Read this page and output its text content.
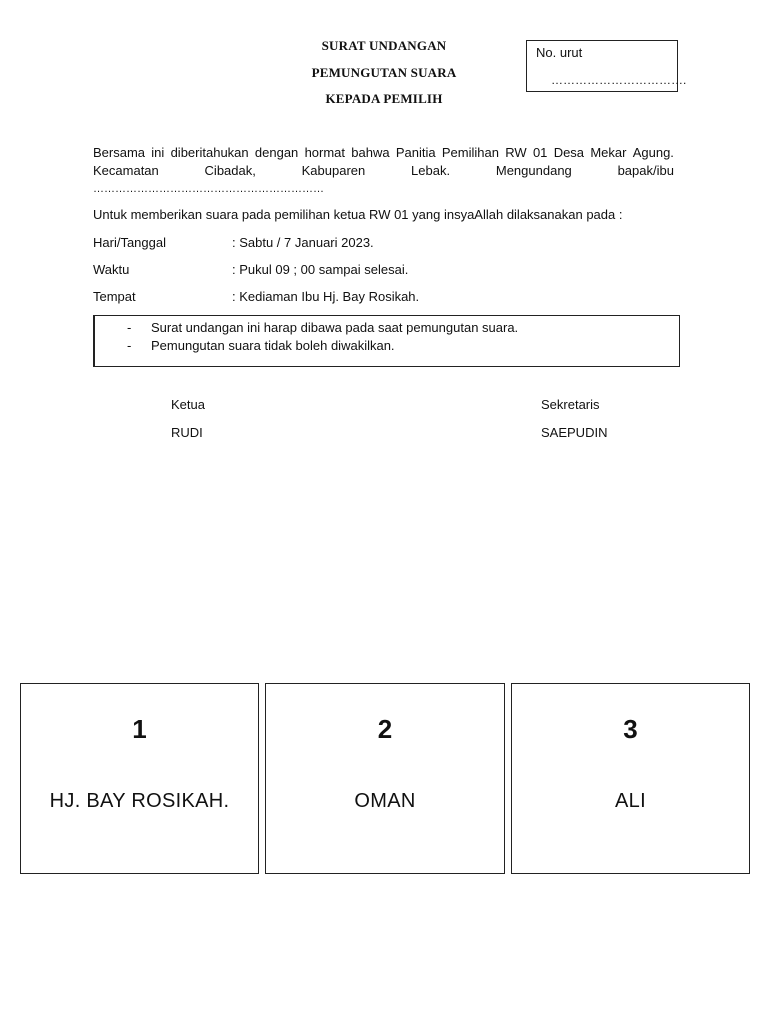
SURAT UNDANGAN
PEMUNGUTAN SUARA
KEPADA PEMILIH
No. urut
…………………………….
Bersama ini diberitahukan dengan hormat bahwa Panitia Pemilihan RW 01 Desa Mekar Agung.
Kecamatan	Cibadak,	Kabuparen	Lebak.	Mengundang	bapak/ibu
………………………………………………………
Untuk memberikan suara pada pemilihan ketua RW 01 yang insyaAllah dilaksanakan pada :
Hari/Tanggal	: Sabtu / 7 Januari 2023.
Waktu	: Pukul 09 ; 00 sampai selesai.
Tempat	: Kediaman Ibu Hj. Bay Rosikah.
- Surat undangan ini harap dibawa pada saat pemungutan suara.
- Pemungutan suara tidak boleh diwakilkan.
Ketua
RUDI
Sekretaris
SAEPUDIN
1
HJ. BAY ROSIKAH.
2
OMAN
3
ALI
